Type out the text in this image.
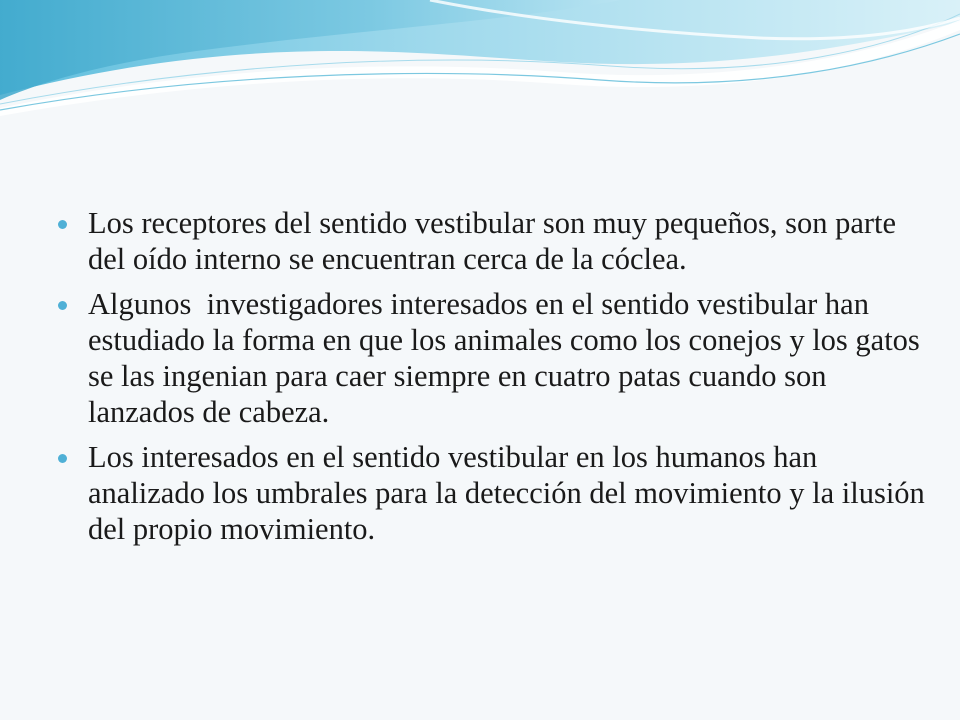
Los receptores del sentido vestibular son muy pequeños, son parte del oído interno se encuentran cerca de la cóclea.
Algunos  investigadores interesados en el sentido vestibular han estudiado la forma en que los animales como los conejos y los gatos se las ingenian para caer siempre en cuatro patas cuando son lanzados de cabeza.
Los interesados en el sentido vestibular en los humanos han analizado los umbrales para la detección del movimiento y la ilusión del propio movimiento.
